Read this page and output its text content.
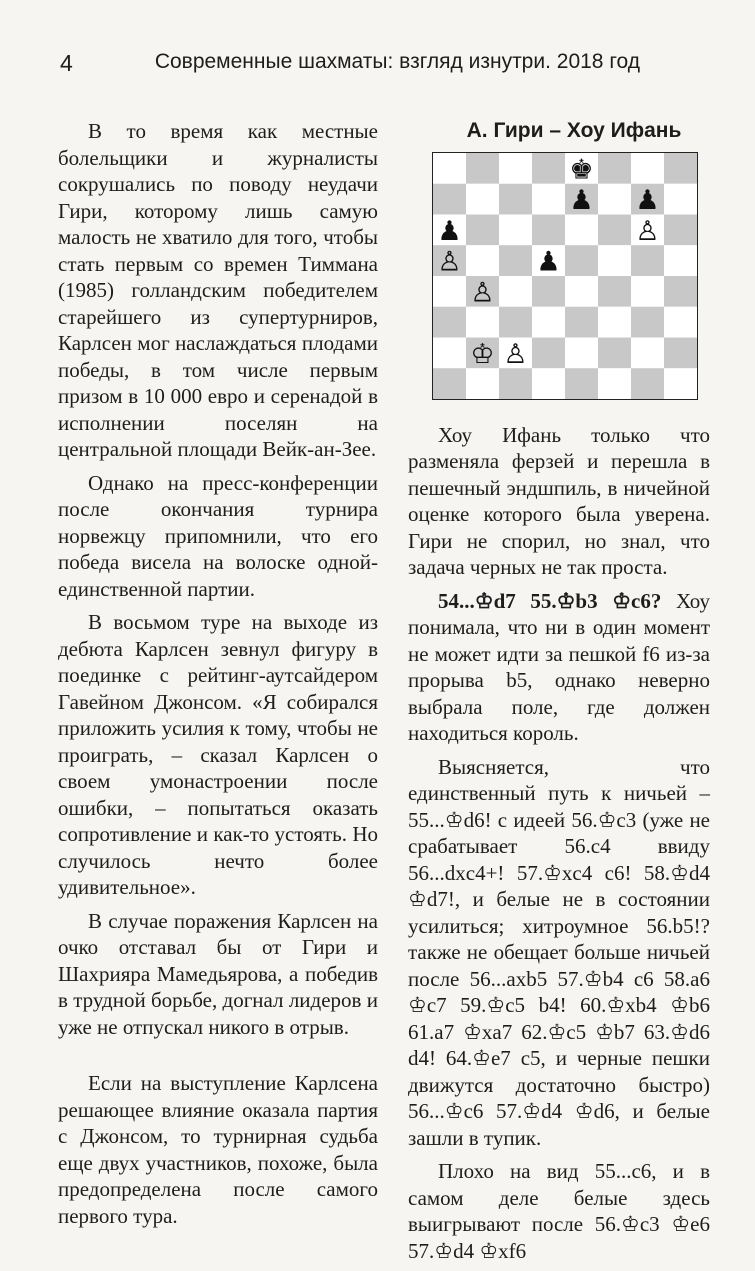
4	Современные шахматы: взгляд изнутри. 2018 год

В то время как местные болельщики и журналисты сокрушались по поводу неудачи Гири, которому лишь самую малость не хватило для того, чтобы стать первым со времен Тиммана (1985) голландским победителем старейшего из супертурниров, Карлсен мог наслаждаться плодами победы, в том числе первым призом в 10 000 евро и серенадой в исполнении поселян на центральной площади Вейк-ан-Зее.

Однако на пресс-конференции после окончания турнира норвежцу припомнили, что его победа висела на волоске одной-единственной партии.

В восьмом туре на выходе из дебюта Карлсен зевнул фигуру в поединке с рейтинг-аутсайдером Гавейном Джонсом. «Я собирался приложить усилия к тому, чтобы не проиграть, – сказал Карлсен о своем умонастроении после ошибки, – попытаться оказать сопротивление и как-то устоять. Но случилось нечто более удивительное».

В случае поражения Карлсен на очко отставал бы от Гири и Шахрияра Мамедьярова, а победив в трудной борьбе, догнал лидеров и уже не отпускал никого в отрыв.

Если на выступление Карлсена решающее влияние оказала партия с Джонсом, то турнирная судьба еще двух участников, похоже, была предопределена после самого первого тура.

А. Гири – Хоу Ифань

♚
♟ ♟
♟	♙
♙	♟
♙
♔ ♙

Хоу Ифань только что разменяла ферзей и перешла в пешечный эндшпиль, в ничейной оценке которого была уверена. Гири не спорил, но знал, что задача черных не так проста.

54...♔d7 55.♔b3 ♔c6? Хоу понимала, что ни в один момент не может идти за пешкой f6 из-за прорыва b5, однако неверно выбрала поле, где должен находиться король.

Выясняется, что единственный путь к ничьей – 55...♔d6! с идеей 56.♔c3 (уже не срабатывает 56.c4 ввиду 56...dxc4+! 57.♔xc4 c6! 58.♔d4 ♔d7!, и белые не в состоянии усилиться; хитроумное 56.b5!? также не обещает больше ничьей после 56...axb5 57.♔b4 c6 58.a6 ♔c7 59.♔c5 b4! 60.♔xb4 ♔b6 61.a7 ♔xa7 62.♔c5 ♔b7 63.♔d6 d4! 64.♔e7 c5, и черные пешки движутся достаточно быстро) 56...♔c6 57.♔d4 ♔d6, и белые зашли в тупик.

Плохо на вид 55...c6, и в самом деле белые здесь выигрывают после 56.♔c3 ♔e6 57.♔d4 ♔xf6
